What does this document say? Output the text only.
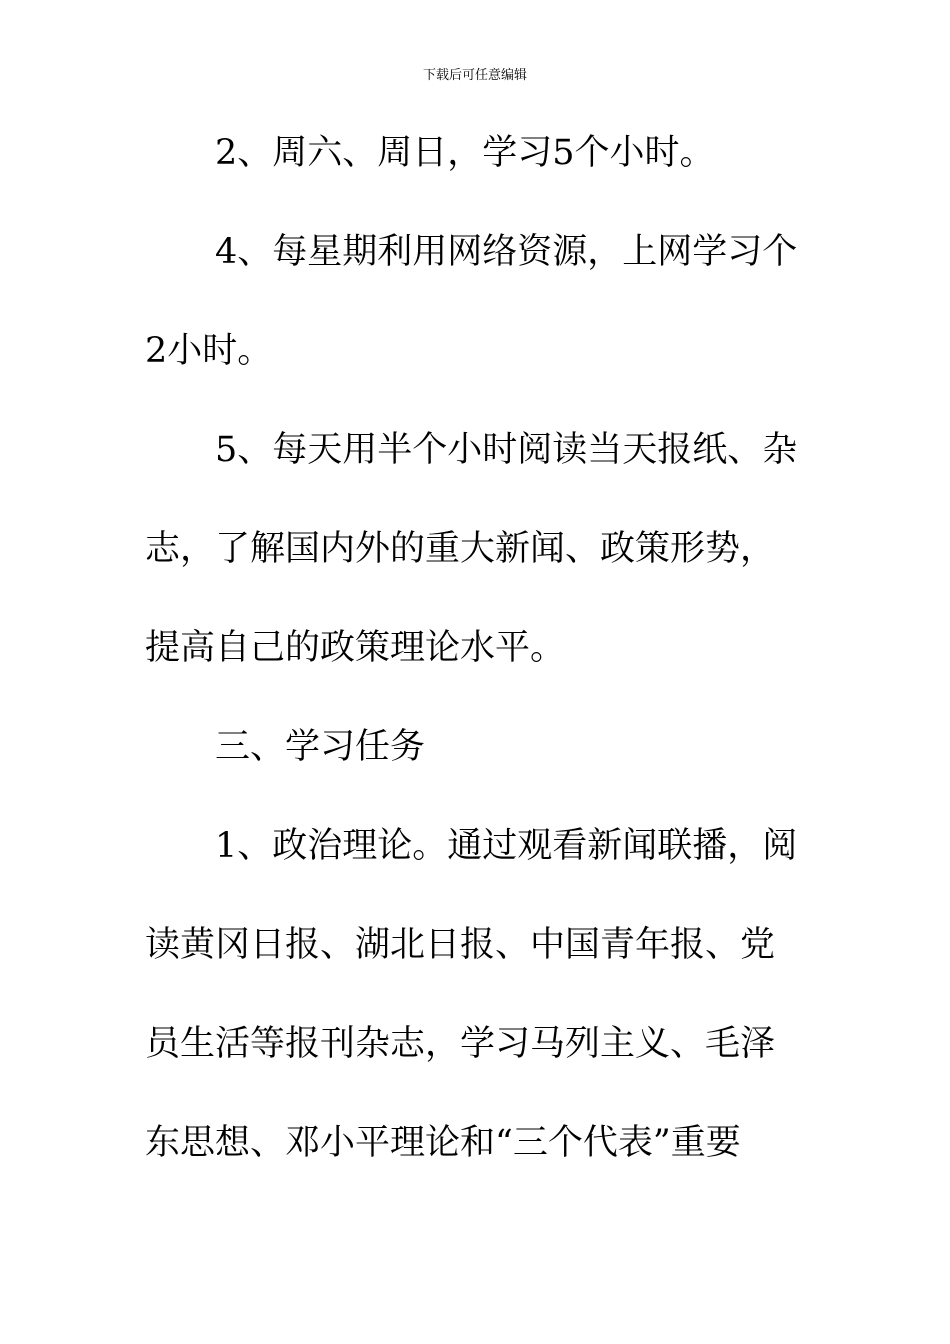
下载后可任意编辑
2、周六、周日，学习5个小时。
4、每星期利用网络资源，上网学习个
2小时。
5、每天用半个小时阅读当天报纸、杂
志，了解国内外的重大新闻、政策形势，
提高自己的政策理论水平。
三、学习任务
1、政治理论。通过观看新闻联播，阅
读黄冈日报、湖北日报、中国青年报、党
员生活等报刊杂志，学习马列主义、毛泽
东思想、邓小平理论和“三个代表”重要
